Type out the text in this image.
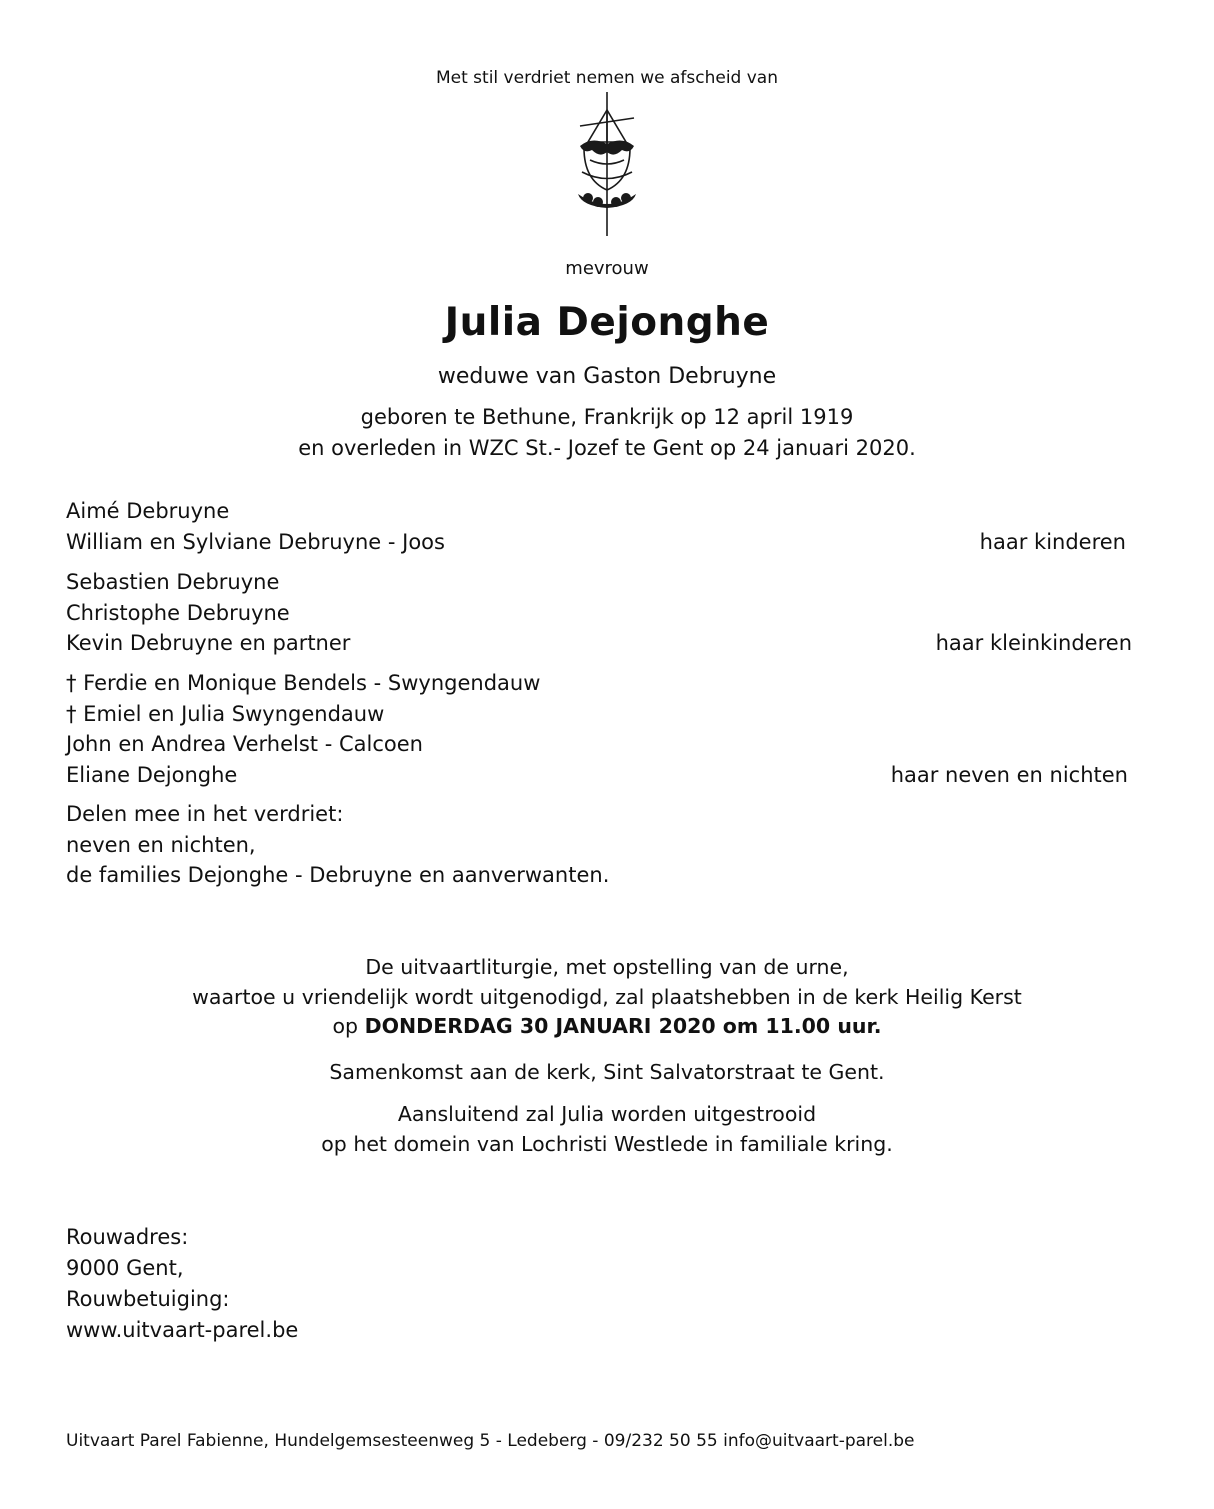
Met stil verdriet nemen we afscheid van
mevrouw
Julia Dejonghe
weduwe van Gaston Debruyne
geboren te Bethune, Frankrijk op 12 april 1919
en overleden in WZC St.- Jozef te Gent op 24 januari 2020.
Aimé Debruyne
William en Sylviane Debruyne - Joos	haar kinderen
Sebastien Debruyne
Christophe Debruyne
Kevin Debruyne en partner	haar kleinkinderen
† Ferdie en Monique Bendels - Swyngendauw
† Emiel en Julia Swyngendauw
John en Andrea Verhelst - Calcoen
Eliane Dejonghe	haar neven en nichten
Delen mee in het verdriet:
neven en nichten,
de families Dejonghe - Debruyne en aanverwanten.
De uitvaartliturgie, met opstelling van de urne,
waartoe u vriendelijk wordt uitgenodigd, zal plaatshebben in de kerk Heilig Kerst
op DONDERDAG 30 JANUARI 2020 om 11.00 uur.
Samenkomst aan de kerk, Sint Salvatorstraat te Gent.
Aansluitend zal Julia worden uitgestrooid
op het domein van Lochristi Westlede in familiale kring.
Rouwadres:
9000 Gent,
Rouwbetuiging:
www.uitvaart-parel.be
Uitvaart Parel Fabienne, Hundelgemsesteenweg 5 - Ledeberg - 09/232 50 55 info@uitvaart-parel.be
